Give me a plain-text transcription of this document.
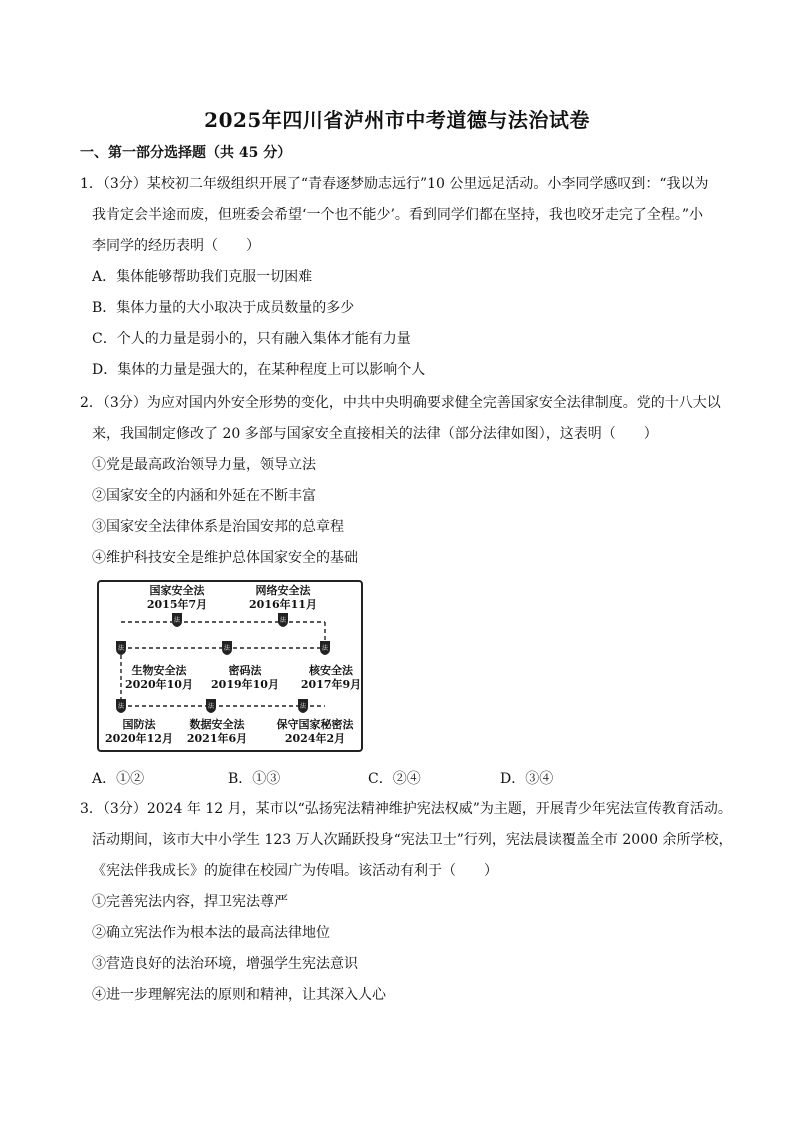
2025年四川省泸州市中考道德与法治试卷
一、第一部分选择题（共 45 分）
1．（3分）某校初二年级组织开展了“青春逐梦励志远行”10 公里远足活动。小李同学感叹到：“我以为
我肯定会半途而废，但班委会希望‘一个也不能少’。看到同学们都在坚持，我也咬牙走完了全程。”小
李同学的经历表明（　　）
A．集体能够帮助我们克服一切困难
B．集体力量的大小取决于成员数量的多少
C．个人的力量是弱小的，只有融入集体才能有力量
D．集体的力量是强大的，在某种程度上可以影响个人
2．（3分）为应对国内外安全形势的变化，中共中央明确要求健全完善国家安全法律制度。党的十八大以
来，我国制定修改了 20 多部与国家安全直接相关的法律（部分法律如图），这表明（　　）
①党是最高政治领导力量，领导立法
②国家安全的内涵和外延在不断丰富
③国家安全法律体系是治国安邦的总章程
④维护科技安全是维护总体国家安全的基础
法	法
法	法	法
法	法	法
国家安全法
2015年7月
网络安全法
2016年11月
生物安全法
2020年10月
密码法
2019年10月
核安全法
2017年9月
国防法
2020年12月
数据安全法
2021年6月
保守国家秘密法
2024年2月
A．①②	B．①③	C．②④	D．③④
3．（3分）2024 年 12 月，某市以“弘扬宪法精神维护宪法权威”为主题，开展青少年宪法宣传教育活动。
活动期间，该市大中小学生 123 万人次踊跃投身“宪法卫士”行列，宪法晨读覆盖全市 2000 余所学校，
《宪法伴我成长》的旋律在校园广为传唱。该活动有利于（　　）
①完善宪法内容，捍卫宪法尊严
②确立宪法作为根本法的最高法律地位
③营造良好的法治环境，增强学生宪法意识
④进一步理解宪法的原则和精神，让其深入人心
